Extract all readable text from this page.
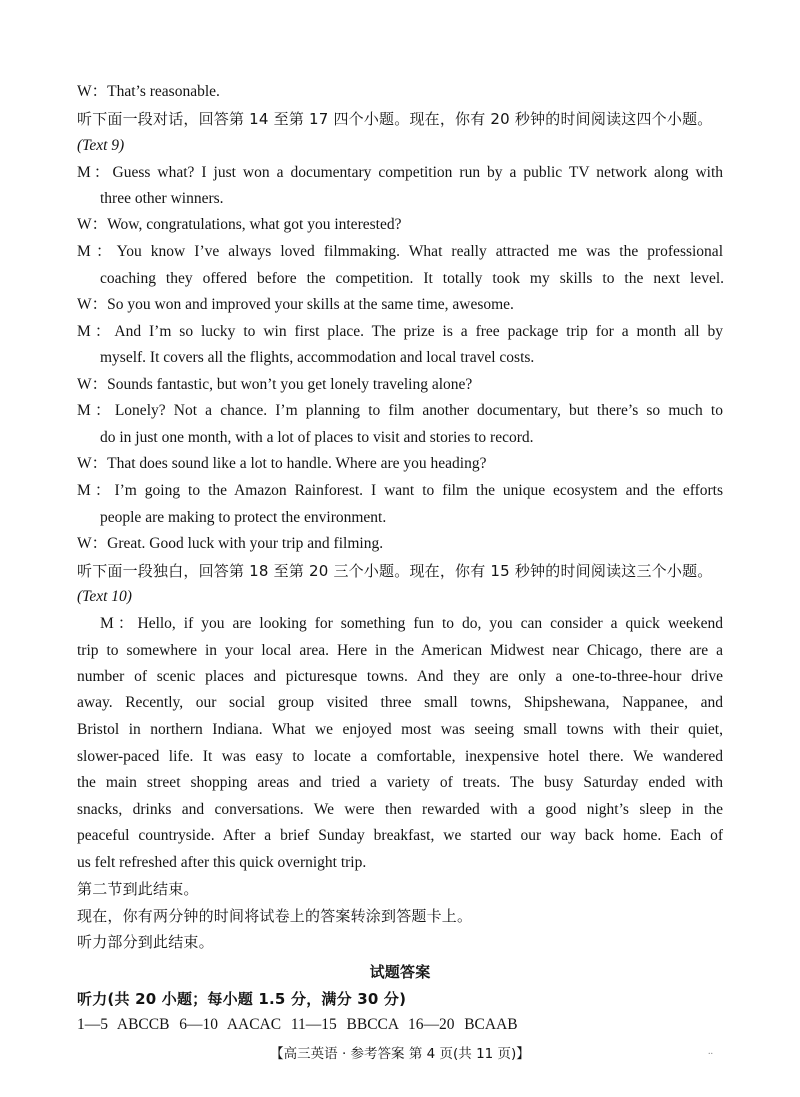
W：That’s reasonable.
听下面一段对话，回答第 14 至第 17 四个小题。现在，你有 20 秒钟的时间阅读这四个小题。
(Text 9)
M：Guess what? I just won a documentary competition run by a public TV network along with
three other winners.
W：Wow, congratulations, what got you interested?
M：You know I’ve always loved filmmaking. What really attracted me was the professional
coaching they offered before the competition. It totally took my skills to the next level.
W：So you won and improved your skills at the same time, awesome.
M：And I’m so lucky to win first place. The prize is a free package trip for a month all by
myself. It covers all the flights, accommodation and local travel costs.
W：Sounds fantastic, but won’t you get lonely traveling alone?
M：Lonely? Not a chance. I’m planning to film another documentary, but there’s so much to
do in just one month, with a lot of places to visit and stories to record.
W：That does sound like a lot to handle. Where are you heading?
M：I’m going to the Amazon Rainforest. I want to film the unique ecosystem and the efforts
people are making to protect the environment.
W：Great. Good luck with your trip and filming.
听下面一段独白，回答第 18 至第 20 三个小题。现在，你有 15 秒钟的时间阅读这三个小题。
(Text 10)
M：Hello, if you are looking for something fun to do, you can consider a quick weekend
trip to somewhere in your local area. Here in the American Midwest near Chicago, there are a
number of scenic places and picturesque towns. And they are only a one-to-three-hour drive
away. Recently, our social group visited three small towns, Shipshewana, Nappanee, and
Bristol in northern Indiana. What we enjoyed most was seeing small towns with their quiet,
slower-paced life. It was easy to locate a comfortable, inexpensive hotel there. We wandered
the main street shopping areas and tried a variety of treats. The busy Saturday ended with
snacks, drinks and conversations. We were then rewarded with a good night’s sleep in the
peaceful countryside. After a brief Sunday breakfast, we started our way back home. Each of
us felt refreshed after this quick overnight trip.
第二节到此结束。
现在，你有两分钟的时间将试卷上的答案转涂到答题卡上。
听力部分到此结束。
试题答案
听力(共 20 小题；每小题 1.5 分，满分 30 分)
1—5  ABCCB  6—10  AACAC  11—15  BBCCA  16—20  BCAAB
【高三英语 · 参考答案 第 4 页(共 11 页)】	..
